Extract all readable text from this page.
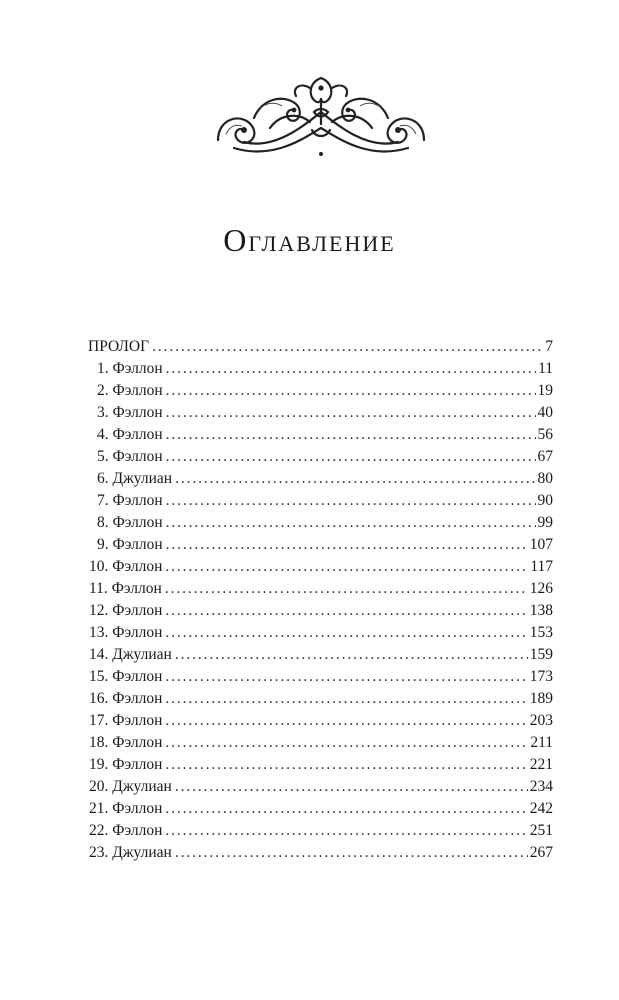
Оглавление
ПРОЛОГ . . .	7
1. Фэллон . . .	11
2. Фэллон . . .	19
3. Фэллон . . .	40
4. Фэллон . . .	56
5. Фэллон . . .	67
6. Джулиан . . .	80
7. Фэллон . . .	90
8. Фэллон . . .	99
9. Фэллон . . .	107
10. Фэллон . . .	117
11. Фэллон . . .	126
12. Фэллон . . .	138
13. Фэллон . . .	153
14. Джулиан . . .	159
15. Фэллон . . .	173
16. Фэллон . . .	189
17. Фэллон . . .	203
18. Фэллон . . .	211
19. Фэллон . . .	221
20. Джулиан . . .	234
21. Фэллон . . .	242
22. Фэллон . . .	251
23. Джулиан . . .	267
